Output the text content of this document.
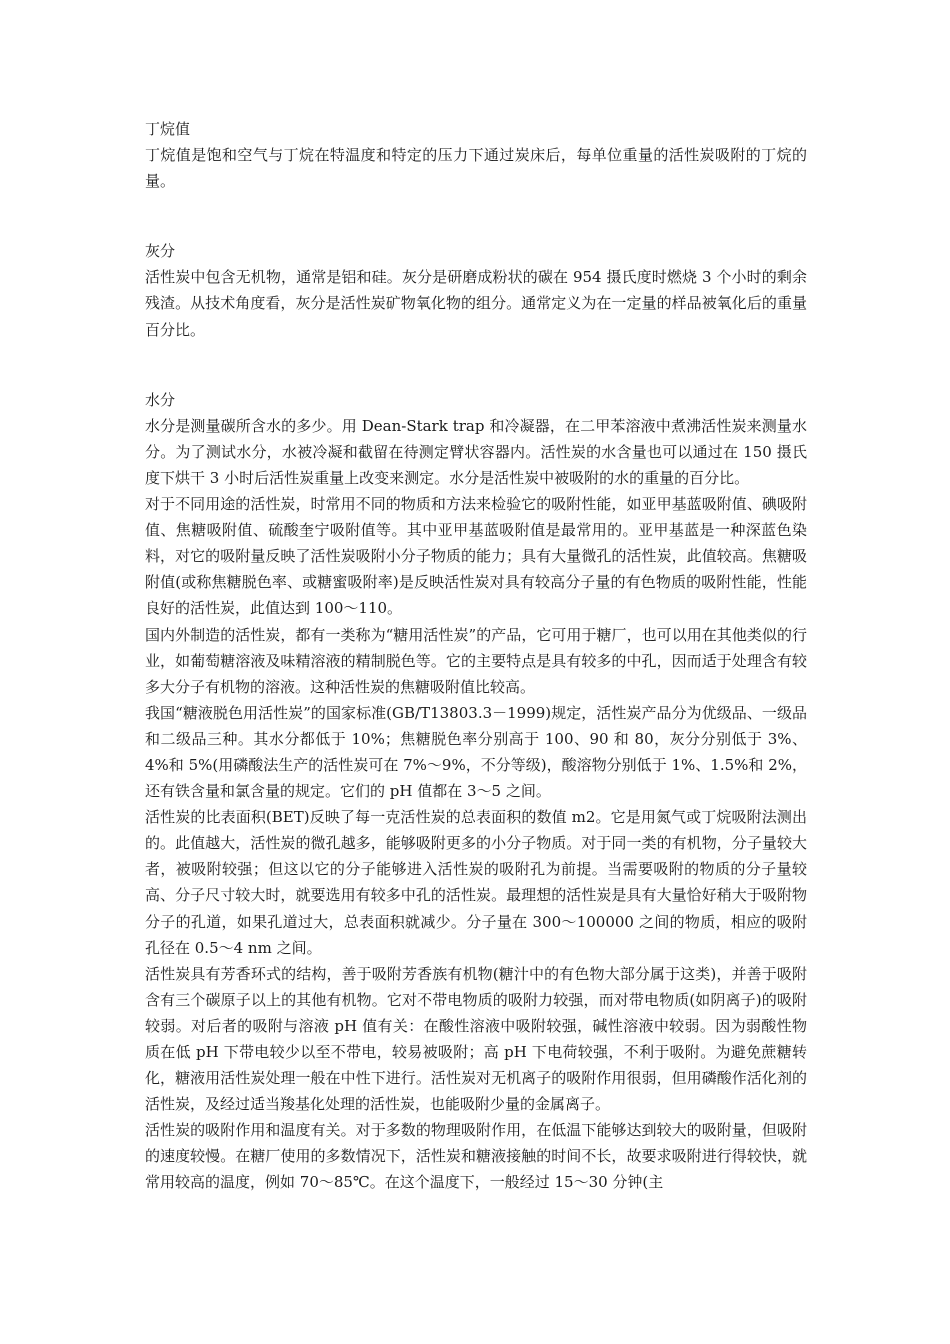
丁烷值

丁烷值是饱和空气与丁烷在特温度和特定的压力下通过炭床后，每单位重量的活性炭吸附的丁烷的量。

灰分

活性炭中包含无机物，通常是铝和硅。灰分是研磨成粉状的碳在 954 摄氏度时燃烧 3 个小时的剩余残渣。从技术角度看，灰分是活性炭矿物氧化物的组分。通常定义为在一定量的样品被氧化后的重量百分比。

水分

水分是测量碳所含水的多少。用 Dean-Stark trap 和冷凝器，在二甲苯溶液中煮沸活性炭来测量水分。为了测试水分，水被冷凝和截留在待测定臂状容器内。活性炭的水含量也可以通过在 150 摄氏度下烘干 3 小时后活性炭重量上改变来测定。水分是活性炭中被吸附的水的重量的百分比。

对于不同用途的活性炭，时常用不同的物质和方法来检验它的吸附性能，如亚甲基蓝吸附值、碘吸附值、焦糖吸附值、硫酸奎宁吸附值等。其中亚甲基蓝吸附值是最常用的。亚甲基蓝是一种深蓝色染料，对它的吸附量反映了活性炭吸附小分子物质的能力；具有大量微孔的活性炭，此值较高。焦糖吸附值(或称焦糖脱色率、或糖蜜吸附率)是反映活性炭对具有较高分子量的有色物质的吸附性能，性能良好的活性炭，此值达到 100～110。

国内外制造的活性炭，都有一类称为“糖用活性炭”的产品，它可用于糖厂，也可以用在其他类似的行业，如葡萄糖溶液及味精溶液的精制脱色等。它的主要特点是具有较多的中孔，因而适于处理含有较多大分子有机物的溶液。这种活性炭的焦糖吸附值比较高。

我国“糖液脱色用活性炭”的国家标准(GB/T13803.3－1999)规定，活性炭产品分为优级品、一级品和二级品三种。其水分都低于 10%；焦糖脱色率分别高于 100、90 和 80，灰分分别低于 3%、4%和 5%(用磷酸法生产的活性炭可在 7%～9%，不分等级)，酸溶物分别低于 1%、1.5%和 2%，还有铁含量和氯含量的规定。它们的 pH 值都在 3～5 之间。

活性炭的比表面积(BET)反映了每一克活性炭的总表面积的数值 m2。它是用氮气或丁烷吸附法测出的。此值越大，活性炭的微孔越多，能够吸附更多的小分子物质。对于同一类的有机物，分子量较大者，被吸附较强；但这以它的分子能够进入活性炭的吸附孔为前提。当需要吸附的物质的分子量较高、分子尺寸较大时，就要选用有较多中孔的活性炭。最理想的活性炭是具有大量恰好稍大于吸附物分子的孔道，如果孔道过大，总表面积就减少。分子量在 300～100000 之间的物质，相应的吸附孔径在 0.5～4 nm 之间。

活性炭具有芳香环式的结构，善于吸附芳香族有机物(糖汁中的有色物大部分属于这类)，并善于吸附含有三个碳原子以上的其他有机物。它对不带电物质的吸附力较强，而对带电物质(如阴离子)的吸附较弱。对后者的吸附与溶液 pH 值有关：在酸性溶液中吸附较强，碱性溶液中较弱。因为弱酸性物质在低 pH 下带电较少以至不带电，较易被吸附；高 pH 下电荷较强，不利于吸附。为避免蔗糖转化，糖液用活性炭处理一般在中性下进行。活性炭对无机离子的吸附作用很弱，但用磷酸作活化剂的活性炭，及经过适当羧基化处理的活性炭，也能吸附少量的金属离子。

活性炭的吸附作用和温度有关。对于多数的物理吸附作用，在低温下能够达到较大的吸附量，但吸附的速度较慢。在糖厂使用的多数情况下，活性炭和糖液接触的时间不长，故要求吸附进行得较快，就常用较高的温度，例如 70～85℃。在这个温度下，一般经过 15～30 分钟(主
